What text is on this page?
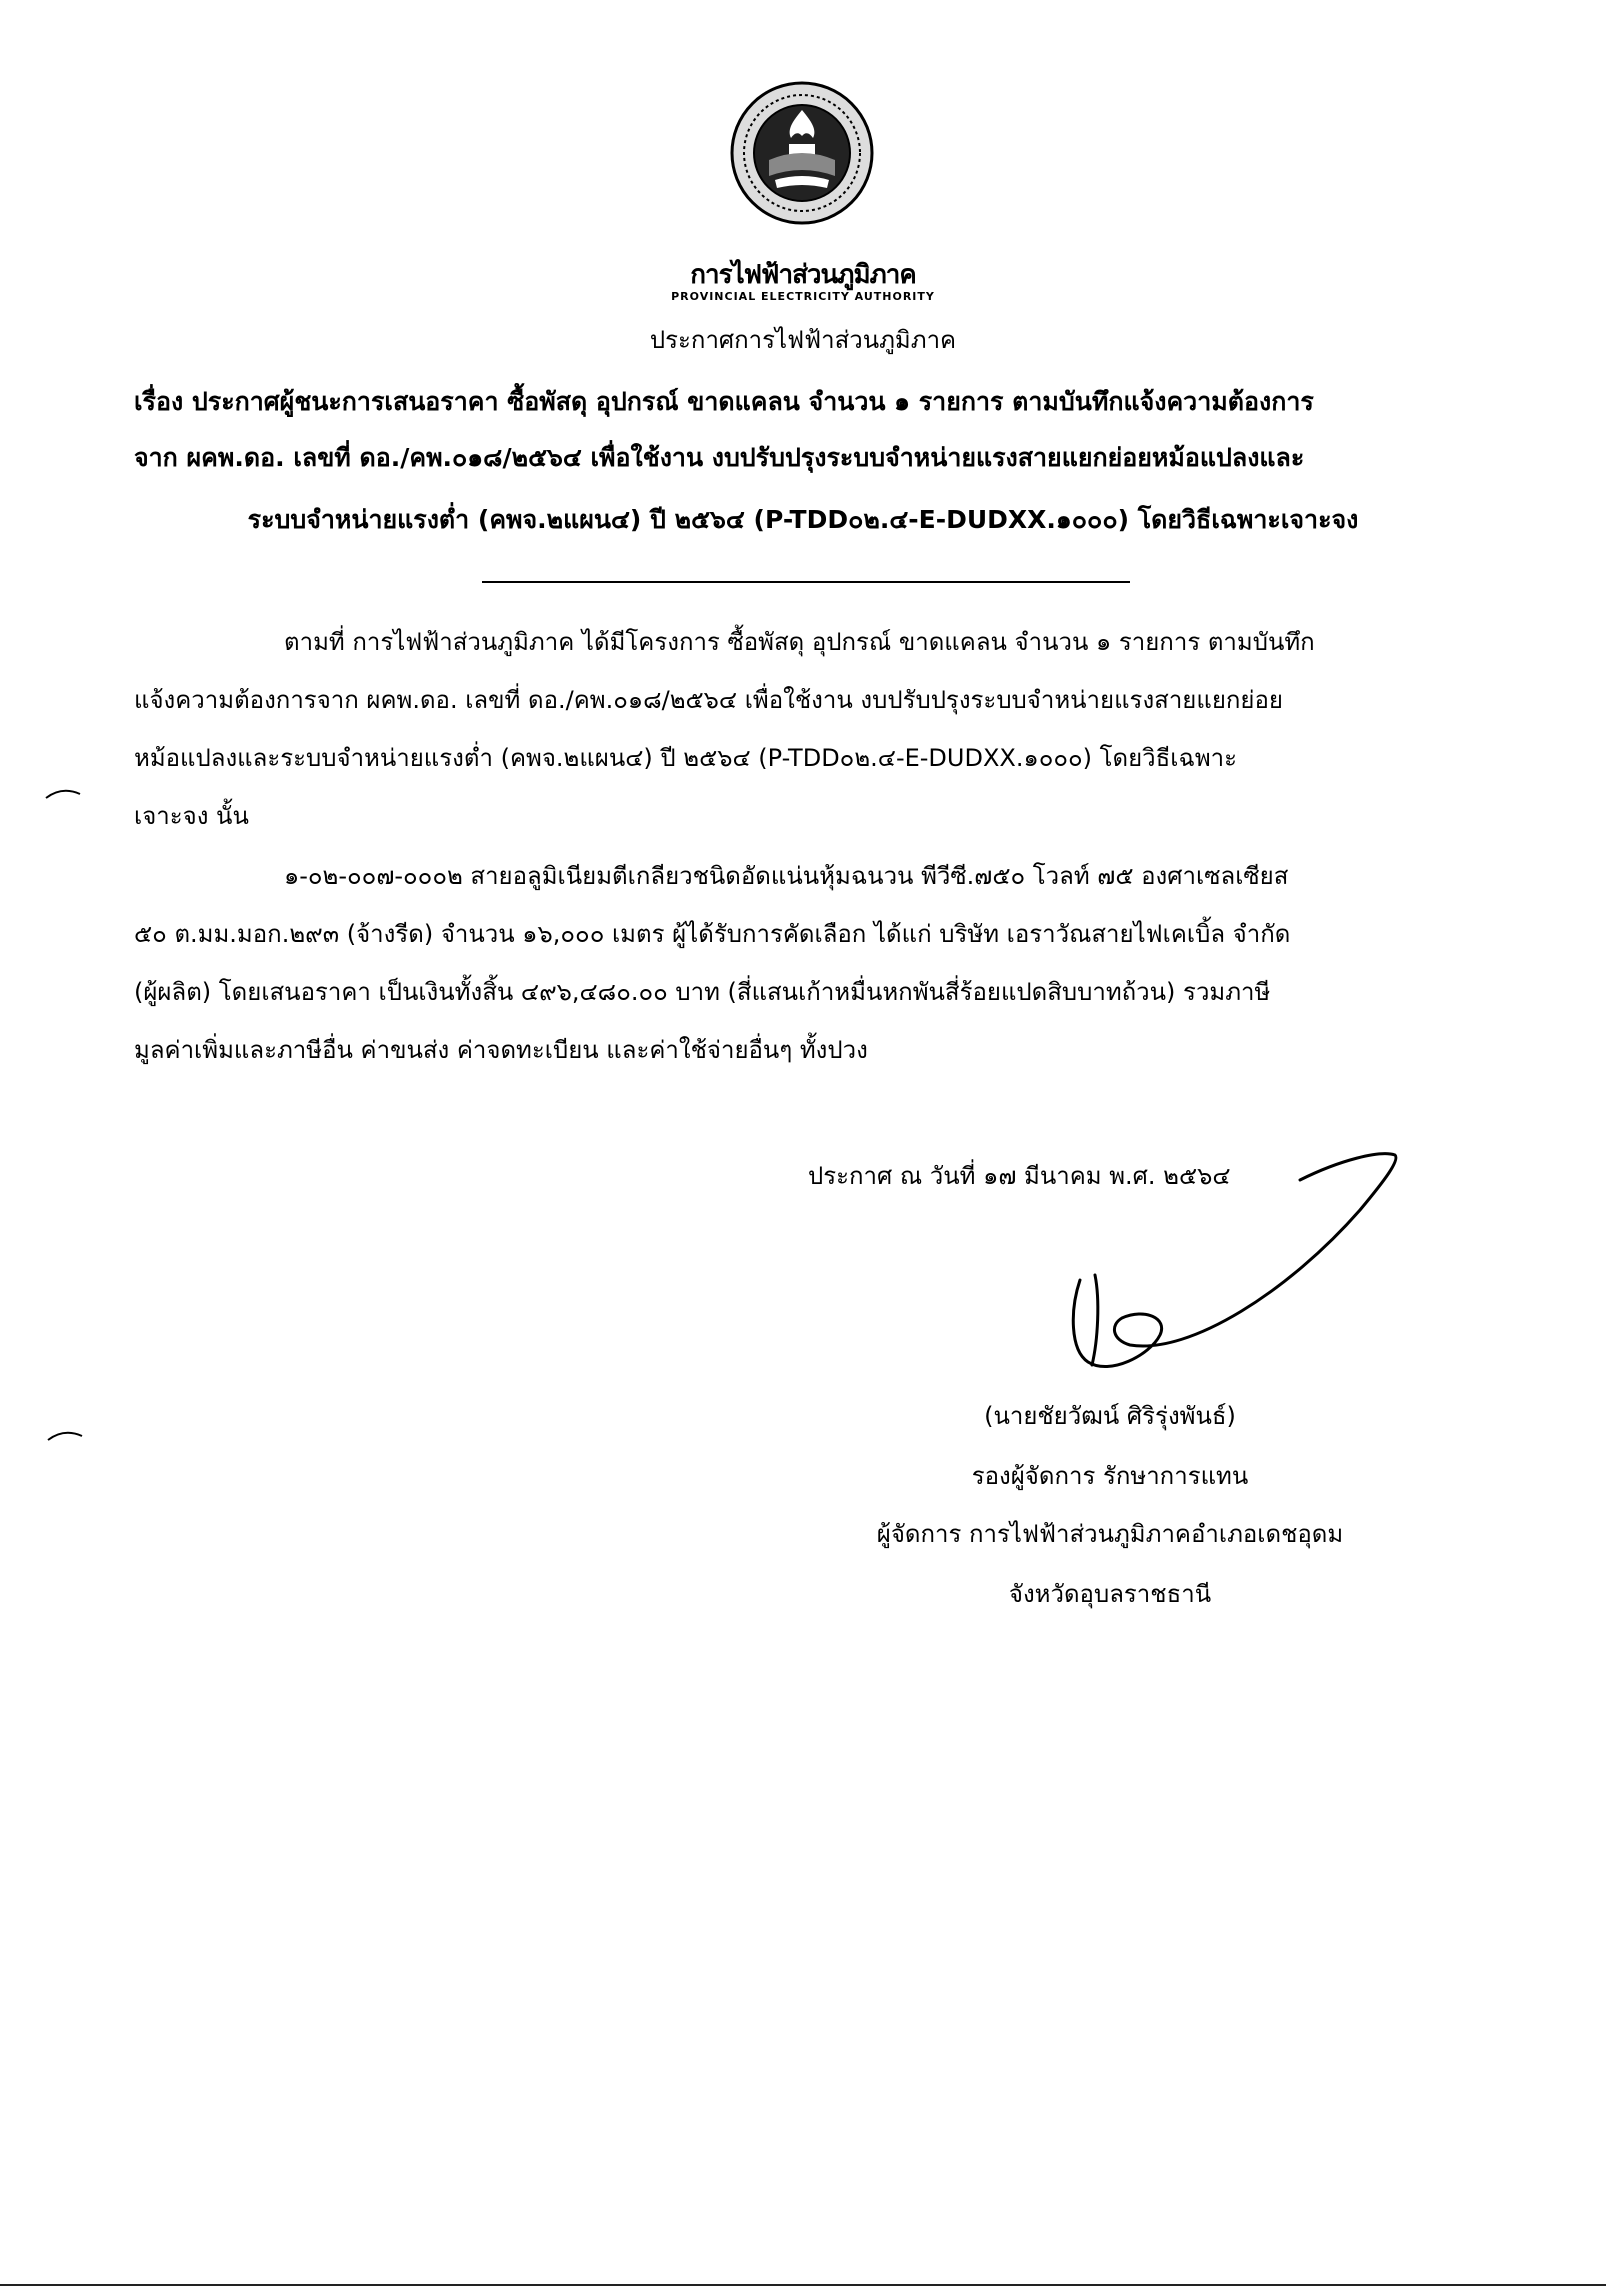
การไฟฟ้าส่วนภูมิภาค
PROVINCIAL ELECTRICITY AUTHORITY
ประกาศการไฟฟ้าส่วนภูมิภาค
เรื่อง ประกาศผู้ชนะการเสนอราคา ซื้อพัสดุ อุปกรณ์ ขาดแคลน จำนวน ๑ รายการ ตามบันทึกแจ้งความต้องการ
จาก ผคพ.ดอ. เลขที่ ดอ./คพ.๐๑๘/๒๕๖๔ เพื่อใช้งาน งบปรับปรุงระบบจำหน่ายแรงสายแยกย่อยหม้อแปลงและ
ระบบจำหน่ายแรงต่ำ (คพจ.๒แผน๔) ปี ๒๕๖๔ (P-TDD๐๒.๔-E-DUDXX.๑๐๐๐) โดยวิธีเฉพาะเจาะจง
ตามที่ การไฟฟ้าส่วนภูมิภาค ได้มีโครงการ ซื้อพัสดุ อุปกรณ์ ขาดแคลน จำนวน ๑ รายการ ตามบันทึก
แจ้งความต้องการจาก ผคพ.ดอ. เลขที่ ดอ./คพ.๐๑๘/๒๕๖๔ เพื่อใช้งาน งบปรับปรุงระบบจำหน่ายแรงสายแยกย่อย
หม้อแปลงและระบบจำหน่ายแรงต่ำ (คพจ.๒แผน๔) ปี ๒๕๖๔ (P-TDD๐๒.๔-E-DUDXX.๑๐๐๐) โดยวิธีเฉพาะ
เจาะจง นั้น
๑-๐๒-๐๐๗-๐๐๐๒ สายอลูมิเนียมตีเกลียวชนิดอัดแน่นหุ้มฉนวน พีวีซี.๗๕๐ โวลท์ ๗๕ องศาเซลเซียส
๕๐ ต.มม.มอก.๒๙๓ (จ้างรีด) จำนวน ๑๖,๐๐๐ เมตร ผู้ได้รับการคัดเลือก ได้แก่ บริษัท เอราวัณสายไฟเคเบิ้ล จำกัด
(ผู้ผลิต) โดยเสนอราคา เป็นเงินทั้งสิ้น ๔๙๖,๔๘๐.๐๐ บาท (สี่แสนเก้าหมื่นหกพันสี่ร้อยแปดสิบบาทถ้วน) รวมภาษี
มูลค่าเพิ่มและภาษีอื่น ค่าขนส่ง ค่าจดทะเบียน และค่าใช้จ่ายอื่นๆ ทั้งปวง
ประกาศ ณ วันที่ ๑๗ มีนาคม พ.ศ. ๒๕๖๔
(นายชัยวัฒน์ ศิริรุ่งพันธ์)
รองผู้จัดการ รักษาการแทน
ผู้จัดการ การไฟฟ้าส่วนภูมิภาคอำเภอเดชอุดม
จังหวัดอุบลราชธานี
